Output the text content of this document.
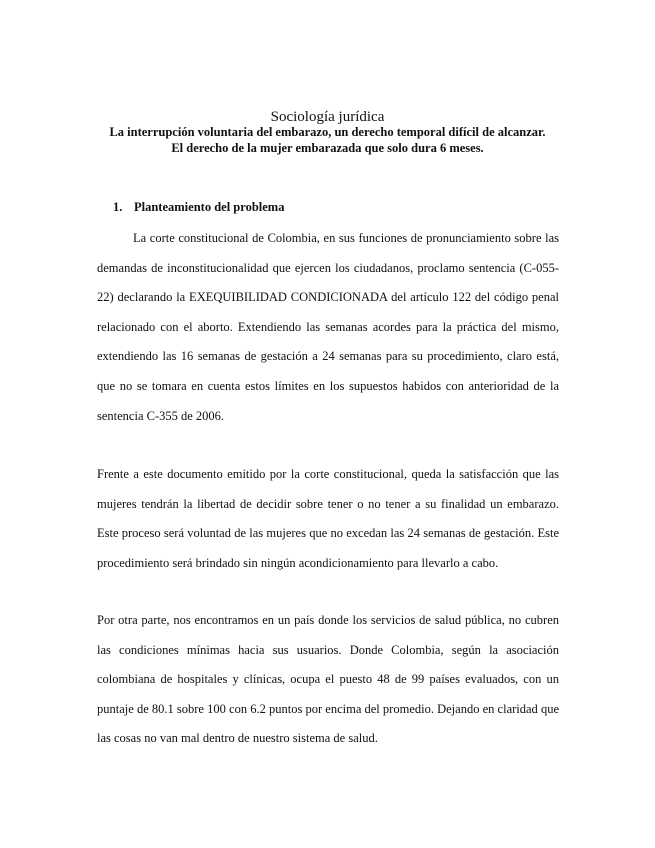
Sociología jurídica
La interrupción voluntaria del embarazo, un derecho temporal difícil de alcanzar.
El derecho de la mujer embarazada que solo dura 6 meses.
1. Planteamiento del problema

La corte constitucional de Colombia, en sus funciones de pronunciamiento sobre las demandas de inconstitucionalidad que ejercen los ciudadanos, proclamo sentencia (C-055-22) declarando la EXEQUIBILIDAD CONDICIONADA del artículo 122 del código penal relacionado con el aborto. Extendiendo las semanas acordes para la práctica del mismo, extendiendo las 16 semanas de gestación a 24 semanas para su procedimiento, claro está, que no se tomara en cuenta estos límites en los supuestos habidos con anterioridad de la sentencia C-355 de 2006.

Frente a este documento emitido por la corte constitucional, queda la satisfacción que las mujeres tendrán la libertad de decidir sobre tener o no tener a su finalidad un embarazo. Este proceso será voluntad de las mujeres que no excedan las 24 semanas de gestación. Este procedimiento será brindado sin ningún acondicionamiento para llevarlo a cabo.

Por otra parte, nos encontramos en un país donde los servicios de salud pública, no cubren las condiciones mínimas hacia sus usuarios. Donde Colombia, según la asociación colombiana de hospitales y clínicas, ocupa el puesto 48 de 99 países evaluados, con un puntaje de 80.1 sobre 100 con 6.2 puntos por encima del promedio. Dejando en claridad que las cosas no van mal dentro de nuestro sistema de salud.
